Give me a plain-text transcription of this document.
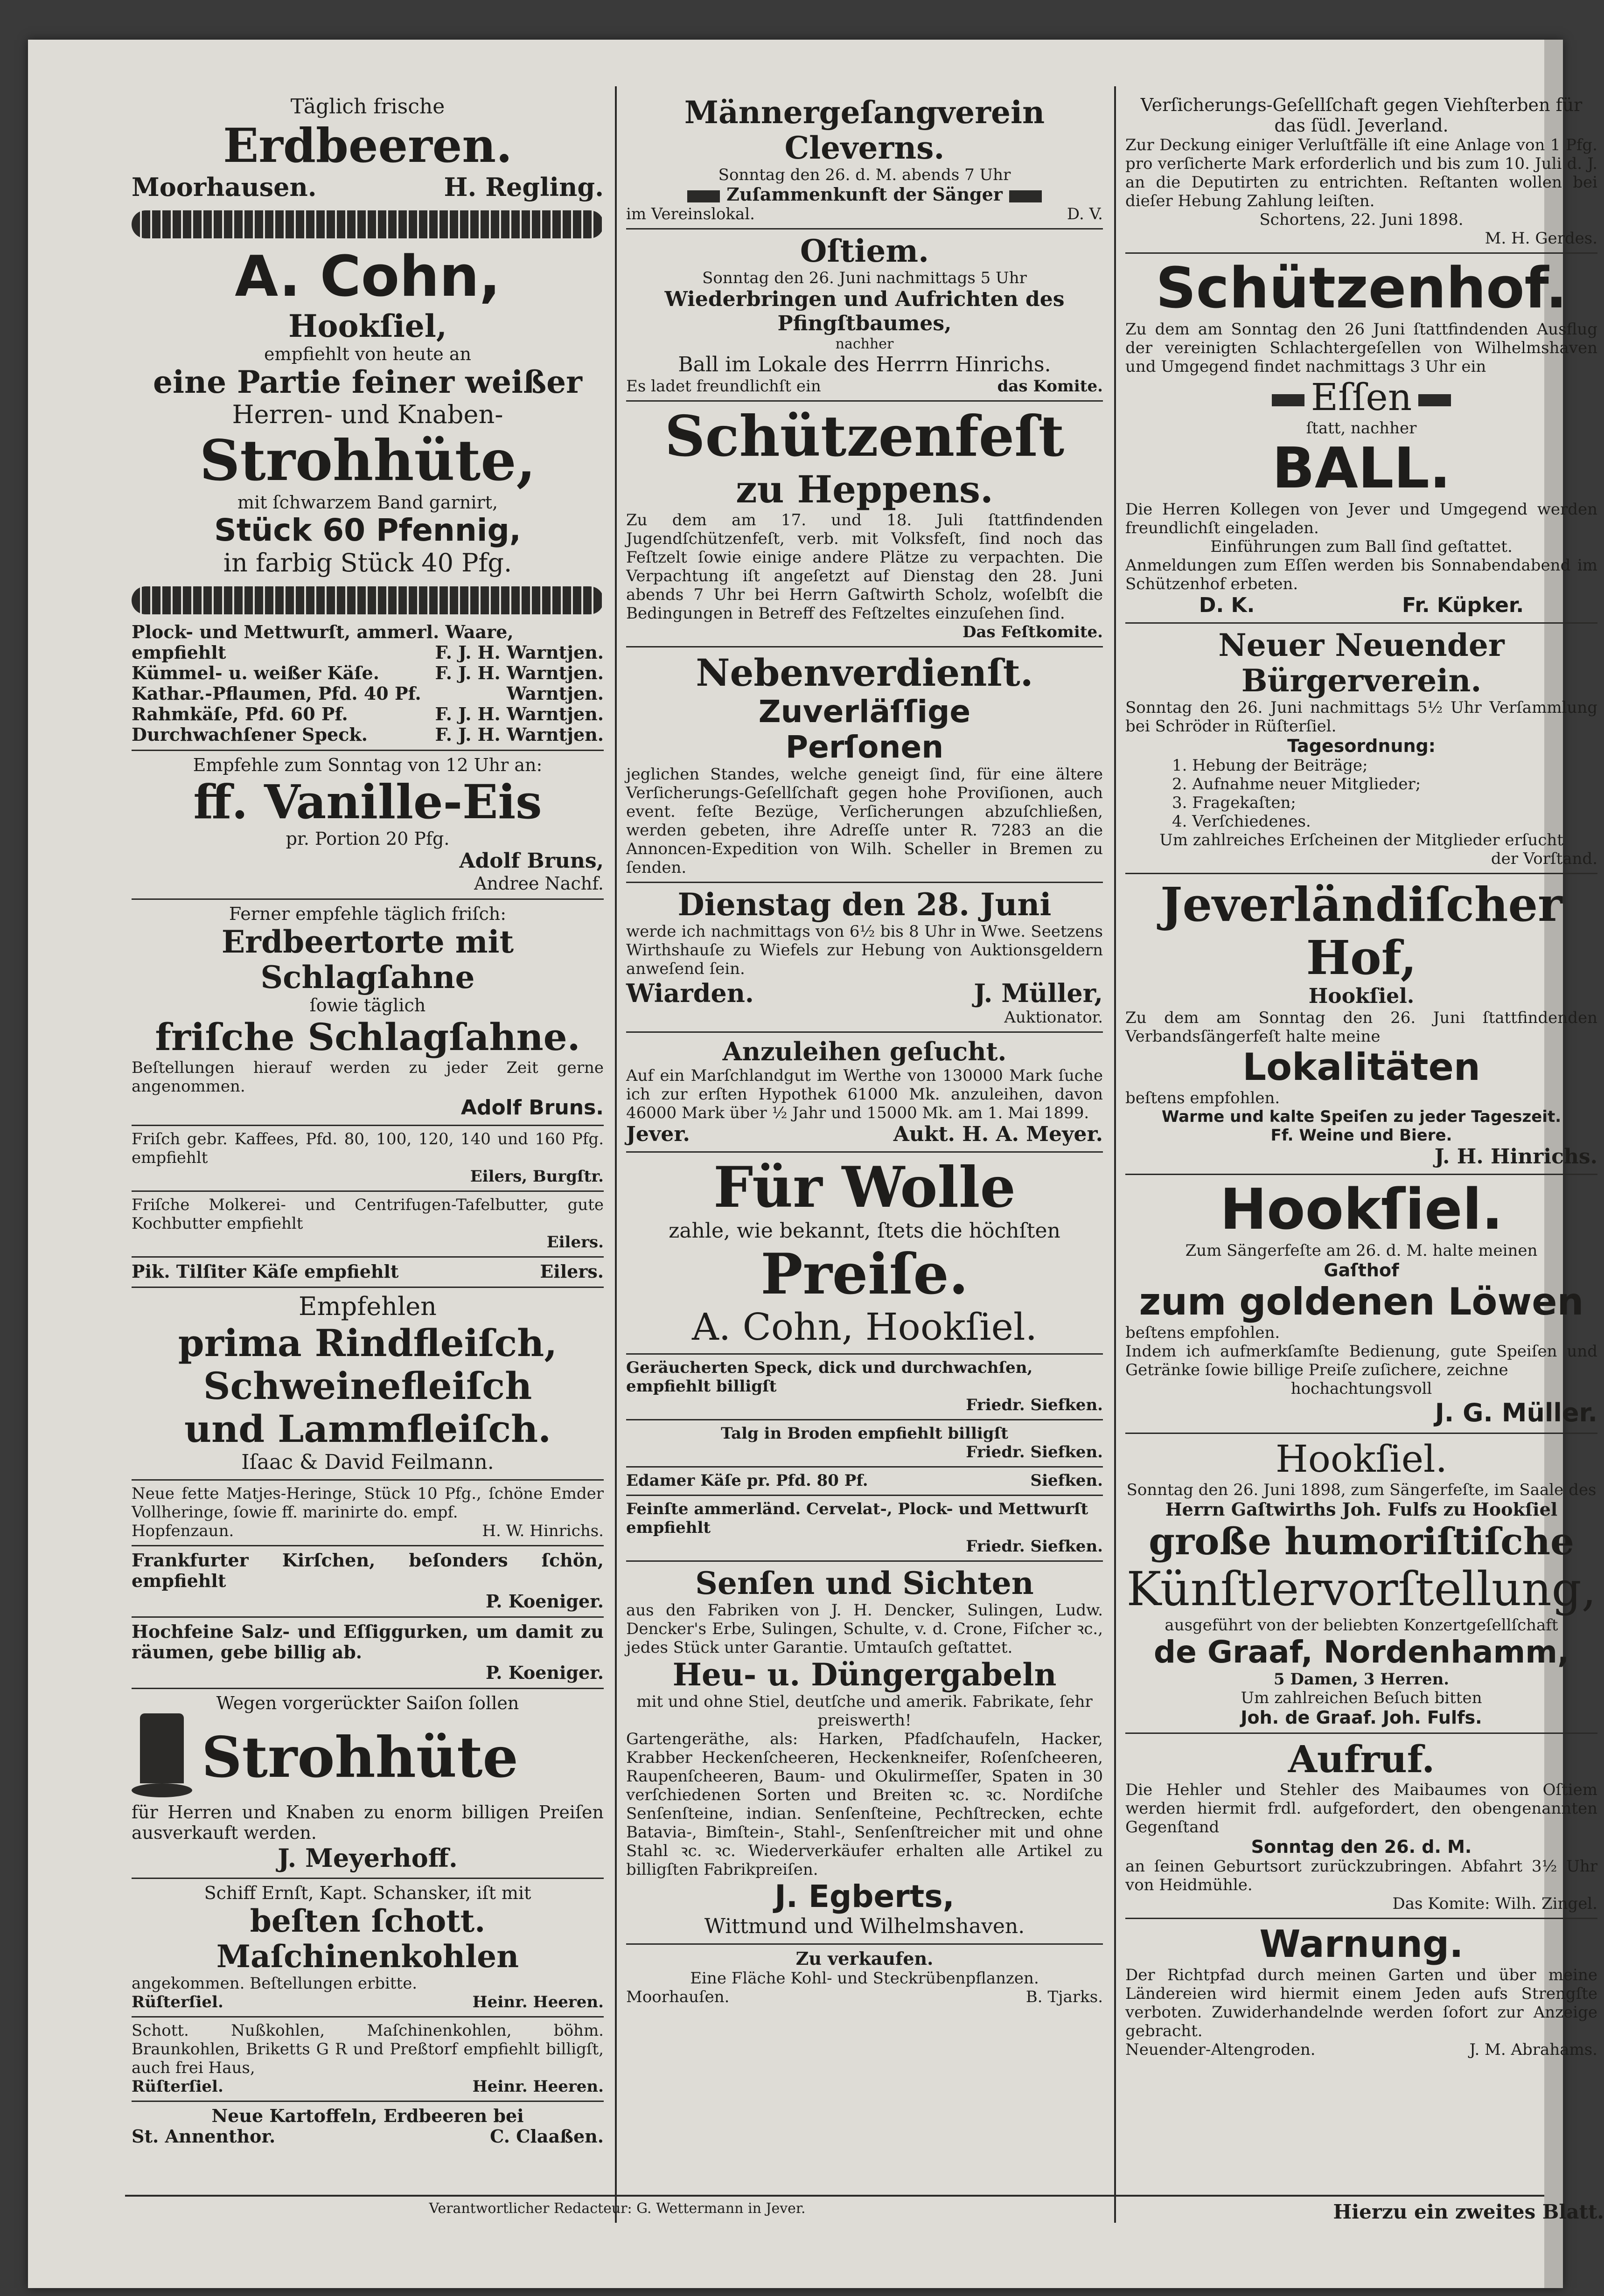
Täglich frische
Erdbeeren.
Moorhausen.	H. Regling.
A. Cohn,
Hookſiel,
empfiehlt von heute an
eine Partie feiner weißer
Herren- und Knaben-
Strohhüte,
mit ſchwarzem Band garnirt,
Stück 60 Pfennig,
in farbig Stück 40 Pfg.
Plock- und Mettwurſt, ammerl. Waare,
empfiehlt	F. J. H. Warntjen.
Kümmel- u. weißer Käſe.	F. J. H. Warntjen.
Kathar.-Pflaumen, Pfd. 40 Pf.	Warntjen.
Rahmkäſe, Pfd. 60 Pf.	F. J. H. Warntjen.
Durchwachſener Speck.	F. J. H. Warntjen.
Empfehle zum Sonntag von 12 Uhr an:
ff. Vanille-Eis
pr. Portion 20 Pfg.
Adolf Bruns,
Andree Nachf.
Ferner empfehle täglich friſch:
Erdbeertorte mit Schlagſahne
ſowie täglich
friſche Schlagſahne.
Beſtellungen hierauf werden zu jeder Zeit gerne angenommen.
Adolf Bruns.
Friſch gebr. Kaffees, Pfd. 80, 100, 120, 140 und 160 Pfg. empfiehlt
Eilers, Burgſtr.
Friſche Molkerei- und Centrifugen-Tafelbutter, gute Kochbutter empfiehlt
Eilers.
Pik. Tilſiter Käſe empfiehlt	Eilers.
Empfehlen
prima Rindfleiſch,
Schweinefleiſch
und Lammfleiſch.
Iſaac & David Feilmann.
Neue fette Matjes-Heringe, Stück 10 Pfg., ſchöne Emder Vollheringe, ſowie ff. marinirte do. empf.
Hopfenzaun.	H. W. Hinrichs.
Frankfurter Kirſchen, beſonders ſchön, empfiehlt
P. Koeniger.
Hochfeine Salz- und Eſſiggurken, um damit zu räumen, gebe billig ab.
P. Koeniger.
Wegen vorgerückter Saiſon ſollen
Strohhüte
für Herren und Knaben zu enorm billigen Preiſen ausverkauft werden.
J. Meyerhoff.
Schiff Ernſt, Kapt. Schansker, iſt mit
beſten ſchott. Maſchinenkohlen
angekommen. Beſtellungen erbitte.
Rüſterſiel.	Heinr. Heeren.
Schott. Nußkohlen, Maſchinenkohlen, böhm. Braunkohlen, Briketts G R und Preßtorf empfiehlt billigſt, auch frei Haus,
Rüſterſiel.	Heinr. Heeren.
Neue Kartoffeln, Erdbeeren bei
St. Annenthor.	C. Claaßen.
Männergeſangverein Cleverns.
Sonntag den 26. d. M. abends 7 Uhr
Zuſammenkunft der Sänger
im Vereinslokal.	D. V.
Oſtiem.
Sonntag den 26. Juni nachmittags 5 Uhr
Wiederbringen und Aufrichten des Pfingſtbaumes,
nachher
Ball im Lokale des Herrrn Hinrichs.
Es ladet freundlichſt ein	das Komite.
Schützenfeſt
zu Heppens.
Zu dem am 17. und 18. Juli ſtattfindenden Jugendſchützenfeſt, verb. mit Volksfeſt, ſind noch das Feſtzelt ſowie einige andere Plätze zu verpachten. Die Verpachtung iſt angeſetzt auf Dienstag den 28. Juni abends 7 Uhr bei Herrn Gaſtwirth Scholz, woſelbſt die Bedingungen in Betreff des Feſtzeltes einzuſehen ſind.
Das Feſtkomite.
Nebenverdienſt.
Zuverläſſige
Perſonen
jeglichen Standes, welche geneigt ſind, für eine ältere Verſicherungs-Geſellſchaft gegen hohe Proviſionen, auch event. feſte Bezüge, Verſicherungen abzuſchließen, werden gebeten, ihre Adreſſe unter R. 7283 an die Annoncen-Expedition von Wilh. Scheller in Bremen zu ſenden.
Dienstag den 28. Juni
werde ich nachmittags von 6½ bis 8 Uhr in Wwe. Seetzens Wirthshauſe zu Wiefels zur Hebung von Auktionsgeldern anweſend ſein.
Wiarden.	J. Müller,
Auktionator.
Anzuleihen geſucht.
Auf ein Marſchlandgut im Werthe von 130000 Mark ſuche ich zur erſten Hypothek 61000 Mk. anzuleihen, davon 46000 Mark über ½ Jahr und 15000 Mk. am 1. Mai 1899.
Jever.	Aukt. H. A. Meyer.
Für Wolle
zahle, wie bekannt, ſtets die höchſten
Preiſe.
A. Cohn, Hookſiel.
Geräucherten Speck, dick und durchwachſen, empfiehlt billigſt
Friedr. Siefken.
Talg in Broden empfiehlt billigſt
Friedr. Siefken.
Edamer Käſe pr. Pfd. 80 Pf.	Siefken.
Feinſte ammerländ. Cervelat-, Plock- und Mettwurſt empfiehlt
Friedr. Siefken.
Senſen und Sichten
aus den Fabriken von J. H. Dencker, Sulingen, Ludw. Dencker's Erbe, Sulingen, Schulte, v. d. Crone, Fiſcher ꝛc., jedes Stück unter Garantie. Umtauſch geſtattet.
Heu- u. Düngergabeln
mit und ohne Stiel, deutſche und amerik. Fabrikate, ſehr preiswerth!
Gartengeräthe, als: Harken, Pfadſchaufeln, Hacker, Krabber Heckenſcheeren, Heckenkneifer, Roſenſcheeren, Raupenſcheeren, Baum- und Okulirmeſſer, Spaten in 30 verſchiedenen Sorten und Breiten ꝛc. ꝛc. Nordiſche Senſenſteine, indian. Senſenſteine, Pechſtrecken, echte Batavia-, Bimſtein-, Stahl-, Senſenſtreicher mit und ohne Stahl ꝛc. ꝛc. Wiederverkäufer erhalten alle Artikel zu billigſten Fabrikpreiſen.
J. Egberts,
Wittmund und Wilhelmshaven.
Zu verkaufen.
Eine Fläche Kohl- und Steckrübenpflanzen.
Moorhauſen.	B. Tjarks.
Verſicherungs-Geſellſchaft gegen Viehſterben für das ſüdl. Jeverland.
Zur Deckung einiger Verluſtfälle iſt eine Anlage von 1 Pfg. pro verſicherte Mark erforderlich und bis zum 10. Juli d. J. an die Deputirten zu entrichten. Reſtanten wollen bei dieſer Hebung Zahlung leiſten.
Schortens, 22. Juni 1898.
M. H. Gerdes.
Schützenhof.
Zu dem am Sonntag den 26 Juni ſtattfindenden Ausflug der vereinigten Schlachtergeſellen von Wilhelmshaven und Umgegend findet nachmittags 3 Uhr ein
Eſſen
ſtatt, nachher
BALL.
Die Herren Kollegen von Jever und Umgegend werden freundlichſt eingeladen.
Einführungen zum Ball ſind geſtattet.
Anmeldungen zum Eſſen werden bis Sonnabendabend im Schützenhof erbeten.
D. K.	Fr. Küpker.
Neuer Neuender Bürgerverein.
Sonntag den 26. Juni nachmittags 5½ Uhr Verſammlung bei Schröder in Rüſterſiel.
Tagesordnung:
1. Hebung der Beiträge;
2. Aufnahme neuer Mitglieder;
3. Fragekaſten;
4. Verſchiedenes.
Um zahlreiches Erſcheinen der Mitglieder erſucht
der Vorſtand.
Jeverländiſcher Hof,
Hookſiel.
Zu dem am Sonntag den 26. Juni ſtattfindenden Verbandsſängerfeſt halte meine
Lokalitäten
beſtens empfohlen.
Warme und kalte Speiſen zu jeder Tageszeit.
Ff. Weine und Biere.
J. H. Hinrichs.
Hookſiel.
Zum Sängerfeſte am 26. d. M. halte meinen
Gaſthof
zum goldenen Löwen
beſtens empfohlen.
Indem ich aufmerkſamſte Bedienung, gute Speiſen und Getränke ſowie billige Preiſe zuſichere, zeichne
hochachtungsvoll
J. G. Müller.
Hookſiel.
Sonntag den 26. Juni 1898, zum Sängerfeſte, im Saale des
Herrn Gaſtwirths Joh. Fulfs zu Hookſiel
große humoriſtiſche
Künſtlervorſtellung,
ausgeführt von der beliebten Konzertgeſellſchaft
de Graaf, Nordenhamm,
5 Damen, 3 Herren.
Um zahlreichen Beſuch bitten
Joh. de Graaf. Joh. Fulfs.
Aufruf.
Die Hehler und Stehler des Maibaumes von Oſtiem werden hiermit frdl. aufgefordert, den obengenannten Gegenſtand
Sonntag den 26. d. M.
an ſeinen Geburtsort zurückzubringen. Abfahrt 3½ Uhr von Heidmühle.
Das Komite: Wilh. Zingel.
Warnung.
Der Richtpfad durch meinen Garten und über meine Ländereien wird hiermit einem Jeden aufs Strengſte verboten. Zuwiderhandelnde werden ſofort zur Anzeige gebracht.
Neuender-Altengroden.	J. M. Abrahams.
Verantwortlicher Redacteur: G. Wettermann in Jever.	Hierzu ein zweites Blatt.
